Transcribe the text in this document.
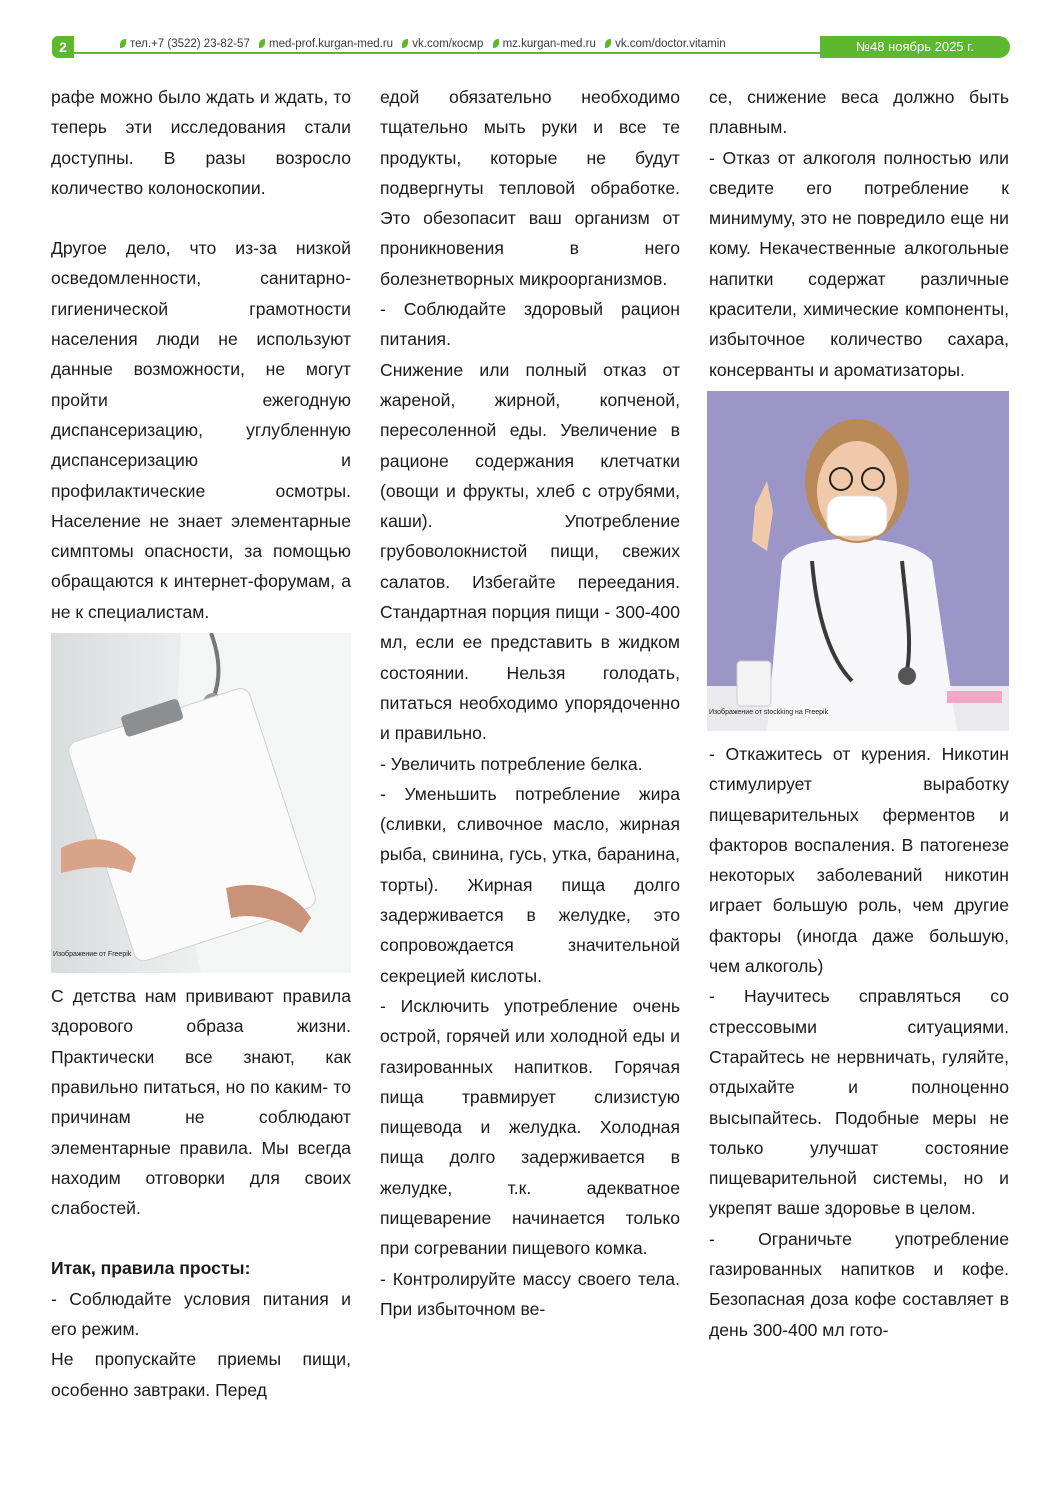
2	тел.+7 (3522) 23-82-57 med-prof.kurgan-med.ru vk.com/кocмp mz.kurgan-med.ru vk.com/doctor.vitamin	№48 ноябрь 2025 г.

рафе можно было ждать и ждать, то теперь эти исследования стали доступны. В разы возросло количество колоноскопии.

Другое дело, что из-за низкой осведомленности, санитарно-гигиенической грамотности населения люди не используют данные возможности, не могут пройти ежегодную диспансеризацию, углубленную диспансеризацию и профилактические осмотры. Население не знает элементарные симптомы опасности, за помощью обращаются к интернет-форумам, а не к специалистам.

Изображение от Freepik

С детства нам прививают правила здорового образа жизни. Практически все знают, как правильно питаться, но по каким- то причинам не соблюдают элементарные правила. Мы всегда находим отговорки для своих слабостей.

Итак, правила просты:

- Соблюдайте условия питания и его режим.

Не пропускайте приемы пищи, особенно завтраки. Перед

едой обязательно необходимо тщательно мыть руки и все те продукты, которые не будут подвергнуты тепловой обработке. Это обезопасит ваш организм от проникновения в него болезнетворных микроорганизмов.

- Соблюдайте здоровый рацион питания.

Снижение или полный отказ от жареной, жирной, копченой, пересоленной еды. Увеличение в рационе содержания клетчатки (овощи и фрукты, хлеб с отрубями, каши). Употребление грубоволокнистой пищи, свежих салатов. Избегайте переедания. Стандартная порция пищи - 300-400 мл, если ее представить в жидком состоянии. Нельзя голодать, питаться необходимо упорядоченно и правильно.

- Увеличить потребление белка.

- Уменьшить потребление жира (сливки, сливочное масло, жирная рыба, свинина, гусь, утка, баранина, торты). Жирная пища долго задерживается в желудке, это сопровождается значительной секрецией кислоты.

- Исключить употребление очень острой, горячей или холодной еды и газированных напитков. Горячая пища травмирует слизистую пищевода и желудка. Холодная пища долго задерживается в желудке, т.к. адекватное пищеварение начинается только при согревании пищевого комка.

- Контролируйте массу своего тела. При избыточном ве-

се, снижение веса должно быть плавным.

- Отказ от алкоголя полностью или сведите его потребление к минимуму, это не повредило еще ни кому. Некачественные алкогольные напитки содержат различные красители, химические компоненты, избыточное количество сахара, консерванты и ароматизаторы.

Изображение от stockking на Freepik

- Откажитесь от курения. Никотин стимулирует выработку пищеварительных ферментов и факторов воспаления. В патогенезе некоторых заболеваний никотин играет большую роль, чем другие факторы (иногда даже большую, чем алкоголь)

- Научитесь справляться со стрессовыми ситуациями. Старайтесь не нервничать, гуляйте, отдыхайте и полноценно высыпайтесь. Подобные меры не только улучшат состояние пищеварительной системы, но и укрепят ваше здоровье в целом.

- Ограничьте употребление газированных напитков и кофе. Безопасная доза кофе составляет в день 300-400 мл гото-
